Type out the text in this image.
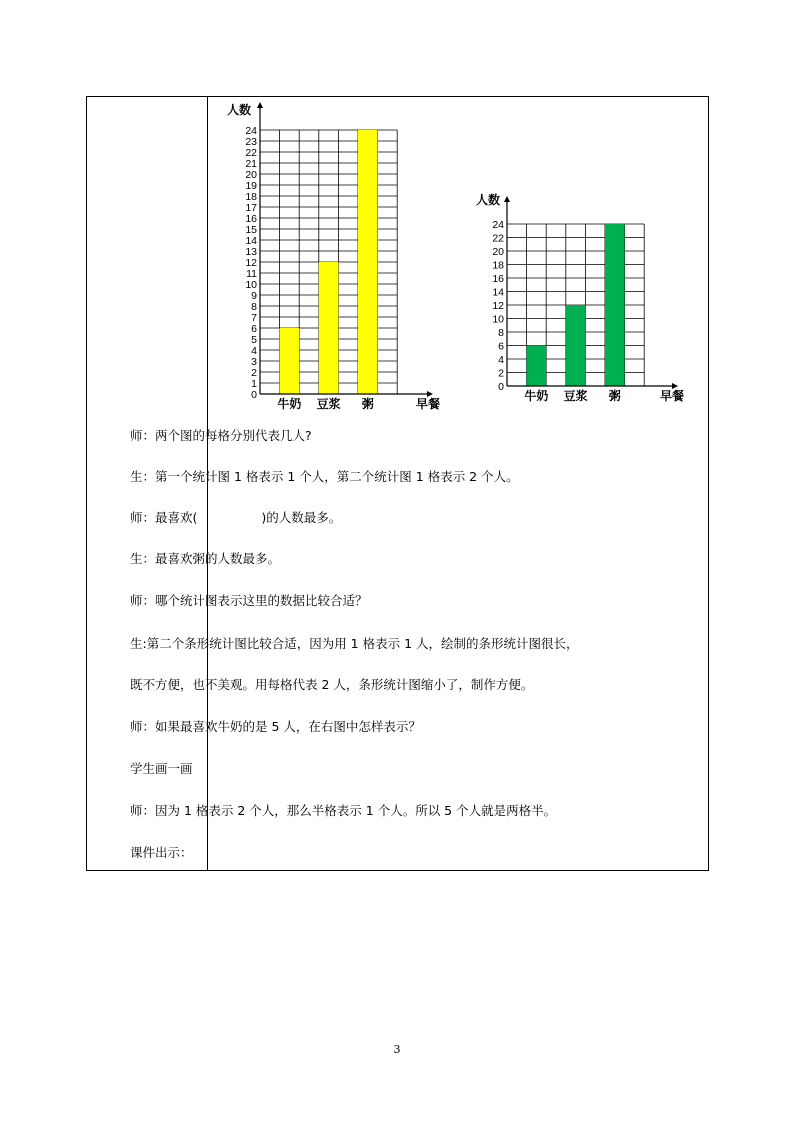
0
1
2
3
4
5
6
7
8
9
10
11
12
13
14
15
16
17
18
19
20
21
22
23
24
牛奶 豆浆 粥
人数
早餐
0
2
4
6
8
10
12
14
16
18
20
22
24
牛奶 豆浆 粥
人数
早餐
师：两个图的每格分别代表几人?
生：第一个统计图 1 格表示 1 个人，第二个统计图 1 格表示 2 个人。
师：最喜欢(	)的人数最多。
生：最喜欢粥的人数最多。
师：哪个统计图表示这里的数据比较合适？
生:第二个条形统计图比较合适，因为用 1 格表示 1 人，绘制的条形统计图很长，
既不方便，也不美观。用每格代表 2 人，条形统计图缩小了，制作方便。
师：如果最喜欢牛奶的是 5 人，在右图中怎样表示？
学生画一画
师：因为 1 格表示 2 个人，那么半格表示 1 个人。所以 5 个人就是两格半。
课件出示：
3
